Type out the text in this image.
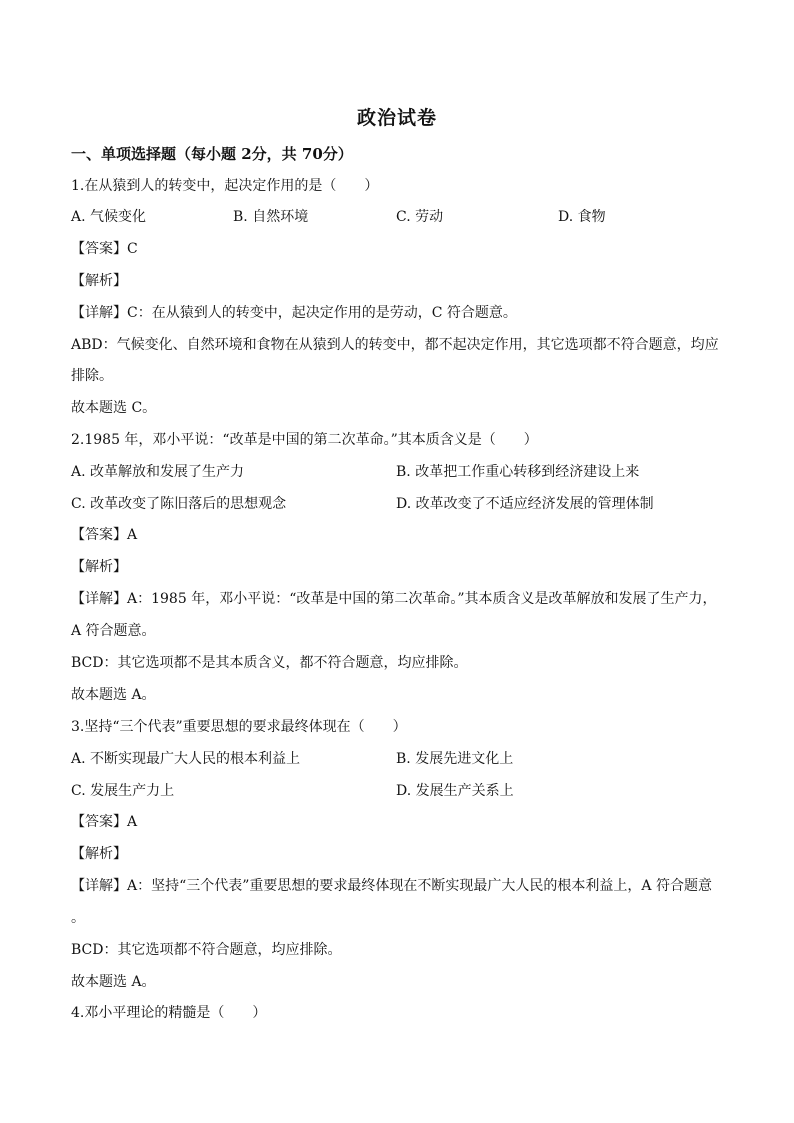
政治试卷
一、单项选择题（每小题 2分，共 70分）
1.在从猿到人的转变中，起决定作用的是（　　）
A. 气候变化	B. 自然环境	C. 劳动	D. 食物
【答案】C
【解析】
【详解】C：在从猿到人的转变中，起决定作用的是劳动，C 符合题意。
ABD：气候变化、自然环境和食物在从猿到人的转变中，都不起决定作用，其它选项都不符合题意，均应
排除。
故本题选 C。
2.1985 年，邓小平说：“改革是中国的第二次革命。”其本质含义是（　　）
A. 改革解放和发展了生产力	B. 改革把工作重心转移到经济建设上来
C. 改革改变了陈旧落后的思想观念	D. 改革改变了不适应经济发展的管理体制
【答案】A
【解析】
【详解】A：1985 年，邓小平说：“改革是中国的第二次革命。”其本质含义是改革解放和发展了生产力，
A 符合题意。
BCD：其它选项都不是其本质含义，都不符合题意，均应排除。
故本题选 A。
3.坚持“三个代表”重要思想的要求最终体现在（　　）
A. 不断实现最广大人民的根本利益上	B. 发展先进文化上
C. 发展生产力上	D. 发展生产关系上
【答案】A
【解析】
【详解】A：坚持“三个代表”重要思想的要求最终体现在不断实现最广大人民的根本利益上，A 符合题意
。
BCD：其它选项都不符合题意，均应排除。
故本题选 A。
4.邓小平理论的精髓是（　　）
